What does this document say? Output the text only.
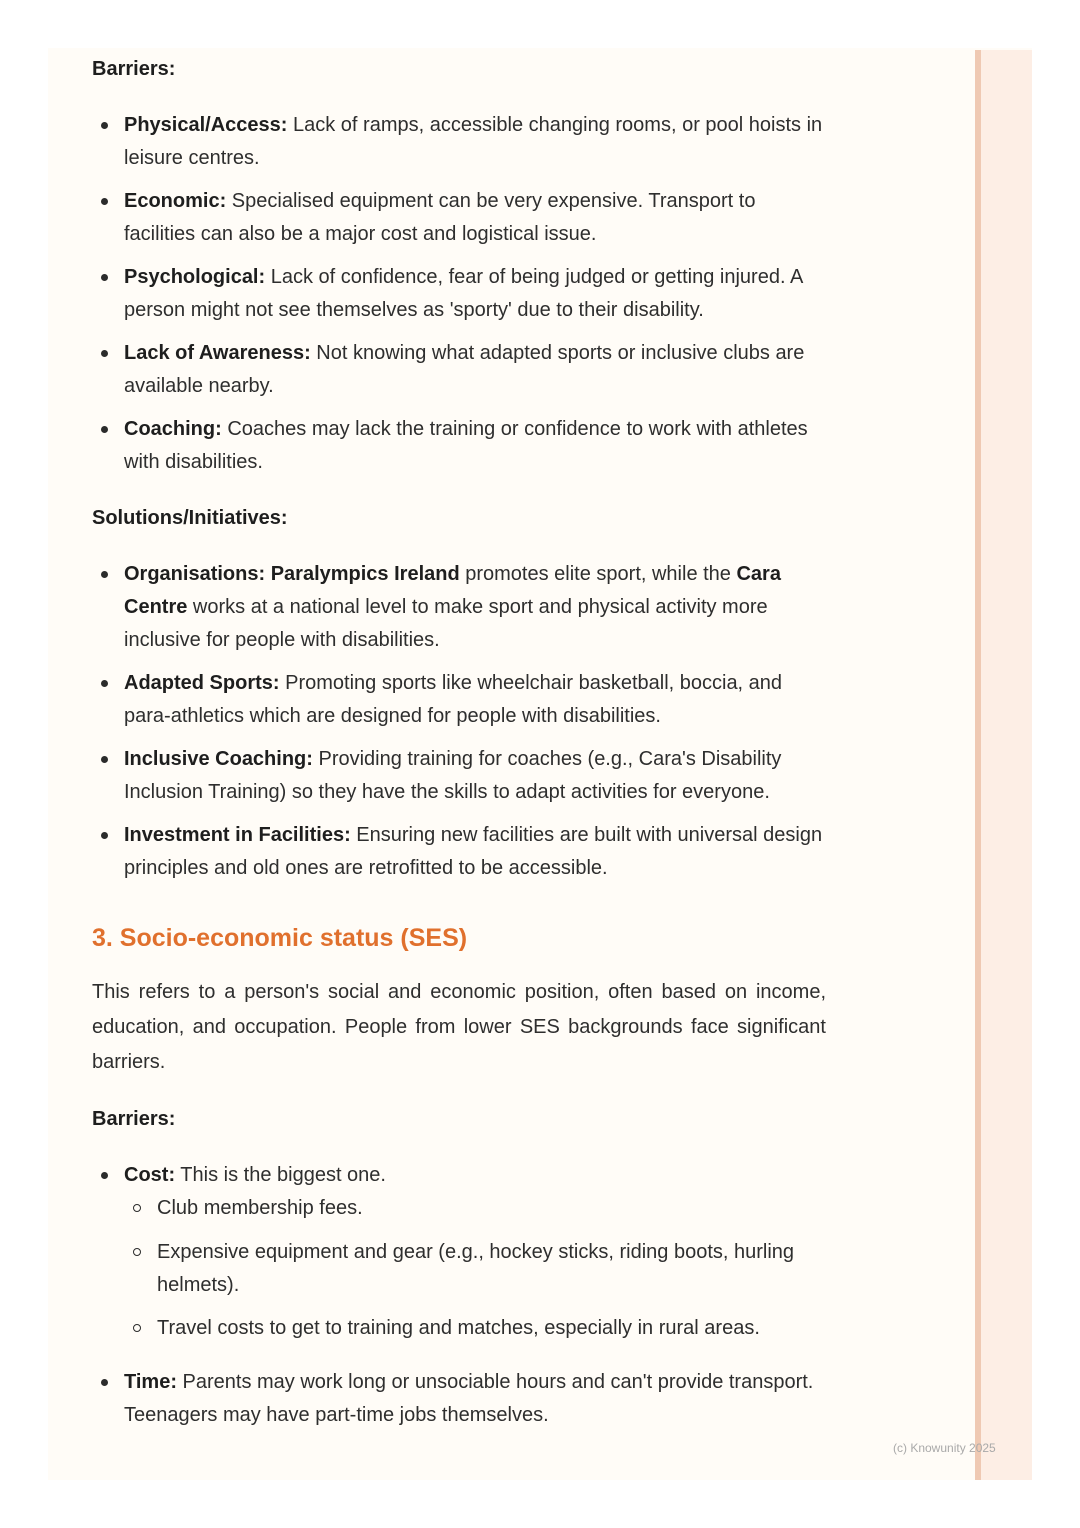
Barriers:

Physical/Access: Lack of ramps, accessible changing rooms, or pool hoists in leisure centres.
Economic: Specialised equipment can be very expensive. Transport to facilities can also be a major cost and logistical issue.
Psychological: Lack of confidence, fear of being judged or getting injured. A person might not see themselves as 'sporty' due to their disability.
Lack of Awareness: Not knowing what adapted sports or inclusive clubs are available nearby.
Coaching: Coaches may lack the training or confidence to work with athletes with disabilities.

Solutions/Initiatives:

Organisations: Paralympics Ireland promotes elite sport, while the Cara Centre works at a national level to make sport and physical activity more inclusive for people with disabilities.
Adapted Sports: Promoting sports like wheelchair basketball, boccia, and para-athletics which are designed for people with disabilities.
Inclusive Coaching: Providing training for coaches (e.g., Cara's Disability Inclusion Training) so they have the skills to adapt activities for everyone.
Investment in Facilities: Ensuring new facilities are built with universal design principles and old ones are retrofitted to be accessible.
3. Socio-economic status (SES)

This refers to a person's social and economic position, often based on income, education, and occupation. People from lower SES backgrounds face significant barriers.

Barriers:

Cost: This is the biggest one.
Club membership fees.
Expensive equipment and gear (e.g., hockey sticks, riding boots, hurling helmets).
Travel costs to get to training and matches, especially in rural areas.
Time: Parents may work long or unsociable hours and can't provide transport. Teenagers may have part-time jobs themselves.
(c) Knowunity 2025
